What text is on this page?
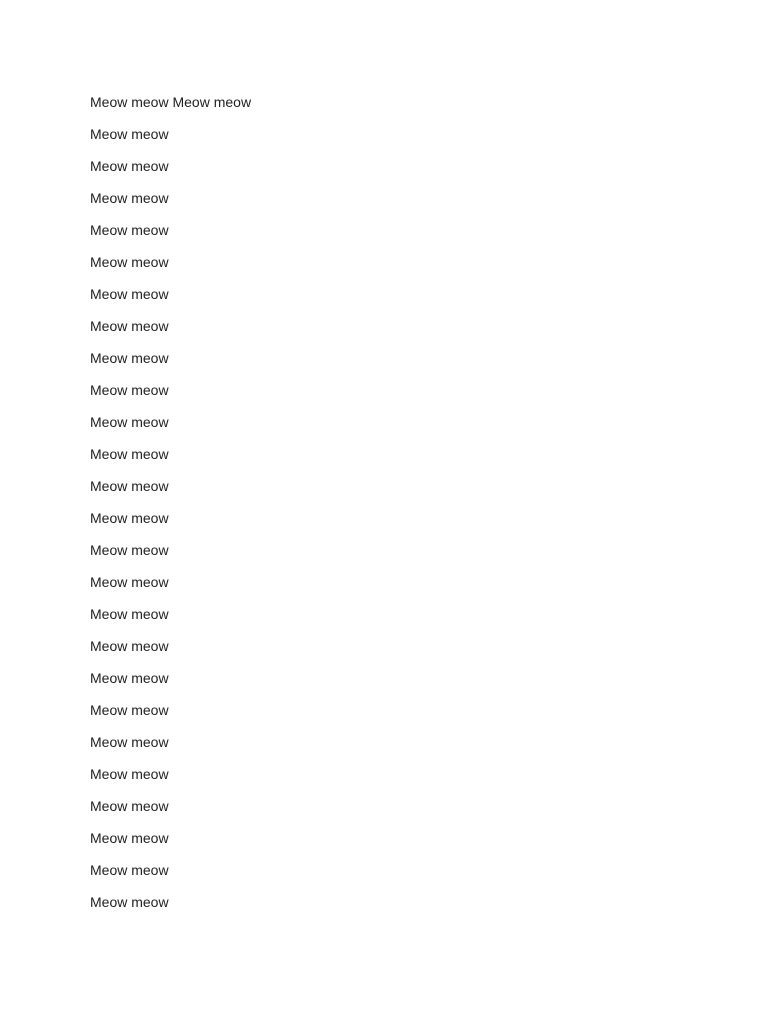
Meow meow Meow meow

Meow meow

Meow meow

Meow meow

Meow meow

Meow meow

Meow meow

Meow meow

Meow meow

Meow meow

Meow meow

Meow meow

Meow meow

Meow meow

Meow meow

Meow meow

Meow meow

Meow meow

Meow meow

Meow meow

Meow meow

Meow meow

Meow meow

Meow meow

Meow meow

Meow meow
